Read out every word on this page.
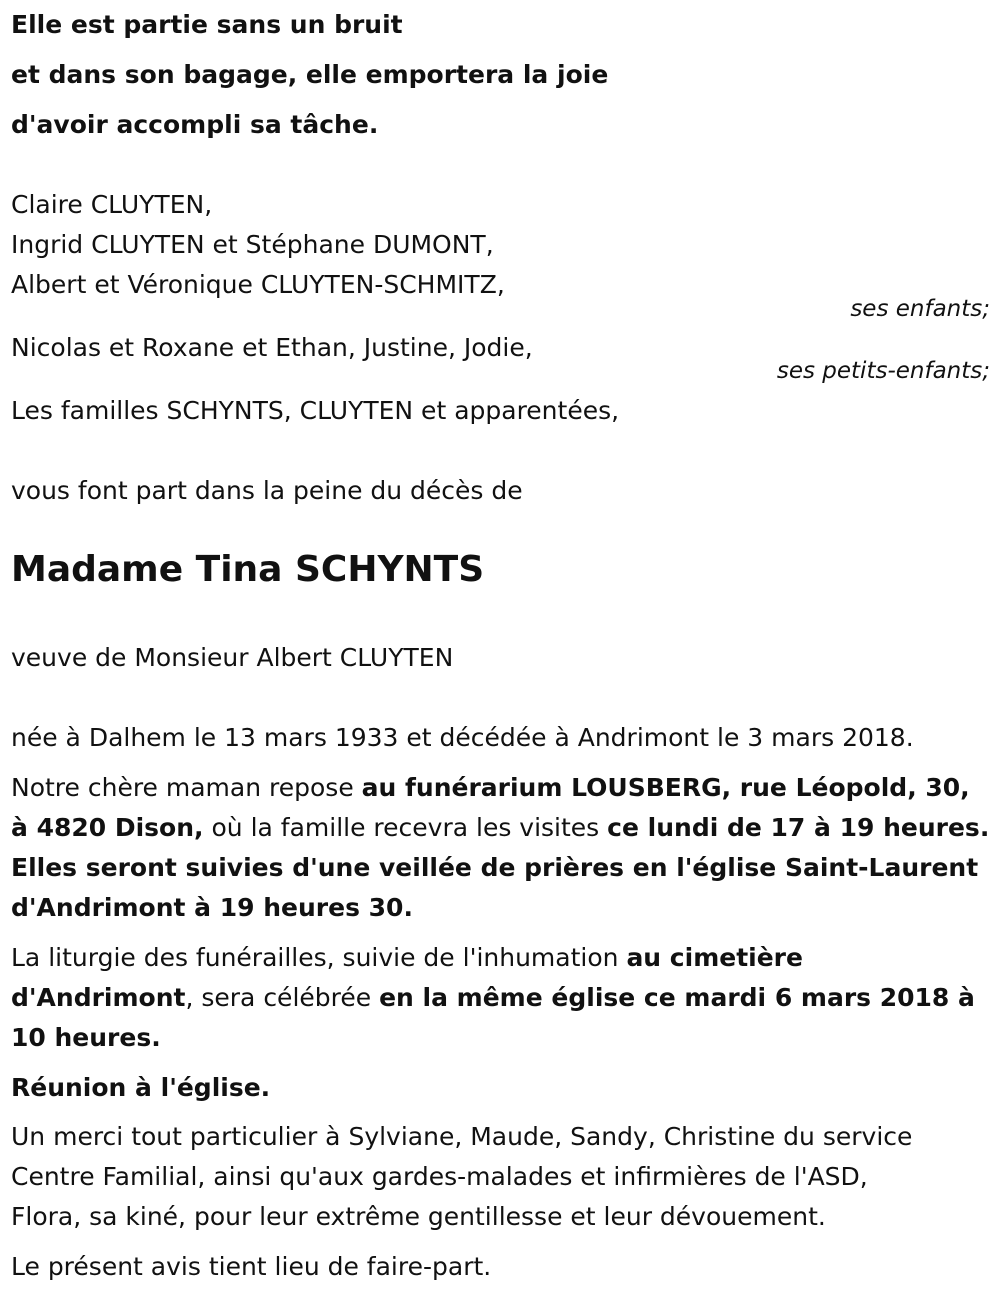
Elle est partie sans un bruit
et dans son bagage, elle emportera la joie
d'avoir accompli sa tâche.
Claire CLUYTEN,
Ingrid CLUYTEN et Stéphane DUMONT,
Albert et Véronique CLUYTEN-SCHMITZ,
ses enfants;
Nicolas et Roxane et Ethan, Justine, Jodie,
ses petits-enfants;
Les familles SCHYNTS, CLUYTEN et apparentées,
vous font part dans la peine du décès de
Madame Tina SCHYNTS
veuve de Monsieur Albert CLUYTEN
née à Dalhem le 13 mars 1933 et décédée à Andrimont le 3 mars 2018.
Notre chère maman repose au funérarium LOUSBERG, rue Léopold, 30,
à 4820 Dison, où la famille recevra les visites ce lundi de 17 à 19 heures.
Elles seront suivies d'une veillée de prières en l'église Saint-Laurent
d'Andrimont à 19 heures 30.
La liturgie des funérailles, suivie de l'inhumation au cimetière
d'Andrimont, sera célébrée en la même église ce mardi 6 mars 2018 à
10 heures.
Réunion à l'église.
Un merci tout particulier à Sylviane, Maude, Sandy, Christine du service
Centre Familial, ainsi qu'aux gardes-malades et infirmières de l'ASD,
Flora, sa kiné, pour leur extrême gentillesse et leur dévouement.
Le présent avis tient lieu de faire-part.
